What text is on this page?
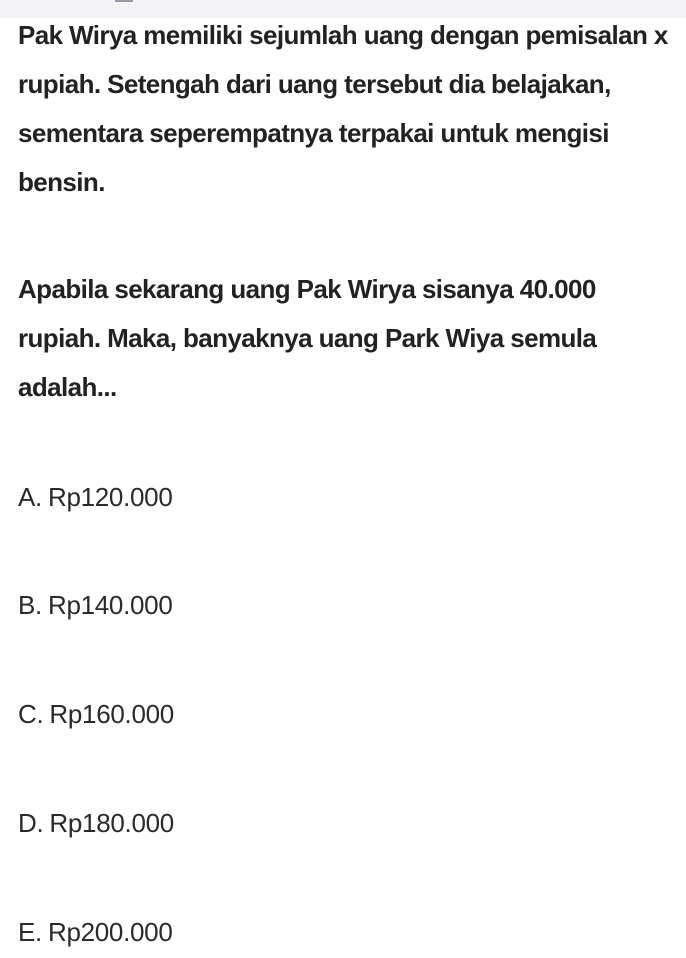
Pak Wirya memiliki sejumlah uang dengan pemisalan x rupiah. Setengah dari uang tersebut dia belajakan, sementara seperempatnya terpakai untuk mengisi bensin.

Apabila sekarang uang Pak Wirya sisanya 40.000 rupiah. Maka, banyaknya uang Park Wiya semula adalah...

A. Rp120.000
B. Rp140.000
C. Rp160.000
D. Rp180.000
E. Rp200.000
